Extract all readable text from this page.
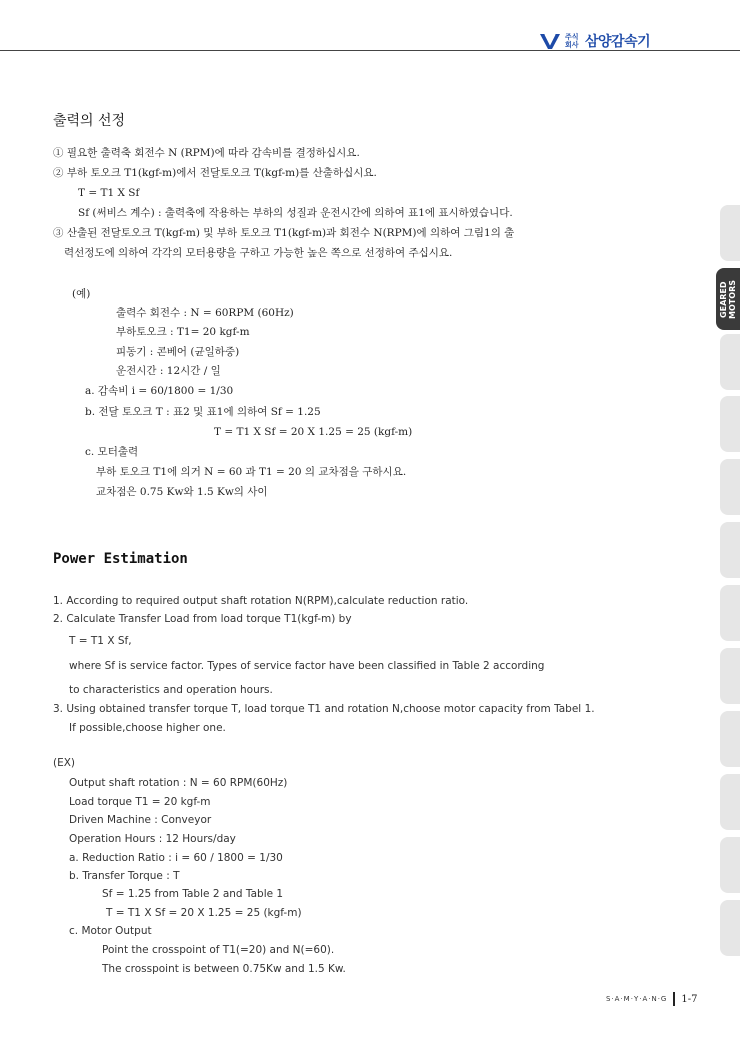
주식회사 삼양감속기
GEARED
MOTORS
출력의 선정
① 필요한 출력축 회전수 N (RPM)에 따라 감속비를 결정하십시요.
② 부하 토오크 T1(kgf-m)에서 전달토오크 T(kgf-m)를 산출하십시요.
T = T1 X Sf
Sf (써비스 계수) : 출력축에 작용하는 부하의 성질과 운전시간에 의하여 표1에 표시하였습니다.
③ 산출된 전달토오크 T(kgf-m) 및 부하 토오크 T1(kgf-m)과 회전수 N(RPM)에 의하여 그림1의 출
력선정도에 의하여 각각의 모터용량을 구하고 가능한 높은 쪽으로 선정하여 주십시요.
(예)
출력수 회전수 : N = 60RPM (60Hz)
부하토오크 : T1= 20 kgf-m
피동기 : 콘베어 (균일하중)
운전시간 : 12시간 / 일
a. 감속비 i = 60/1800 = 1/30
b. 전달 토오크 T : 표2 및 표1에 의하여 Sf = 1.25
T = T1 X Sf = 20 X 1.25 = 25 (kgf-m)
c. 모터출력
부하 토오크 T1에 의거 N = 60 과 T1 = 20 의 교차점을 구하시요.
교차점은 0.75 Kw와 1.5 Kw의 사이
Power Estimation
1. According to required output shaft rotation N(RPM),calculate reduction ratio.
2. Calculate Transfer Load from load torque T1(kgf-m) by
T = T1 X Sf,
where Sf is service factor. Types of service factor have been classified in Table 2 according
to characteristics and operation hours.
3. Using obtained transfer torque T, load torque T1 and rotation N,choose motor capacity from Tabel 1.
If possible,choose higher one.
(EX)
Output shaft rotation : N = 60 RPM(60Hz)
Load torque T1 = 20 kgf-m
Driven Machine : Conveyor
Operation Hours : 12 Hours/day
a. Reduction Ratio : i = 60 / 1800 = 1/30
b. Transfer Torque : T
Sf = 1.25 from Table 2 and Table 1
T = T1 X Sf = 20 X 1.25 = 25 (kgf-m)
c. Motor Output
Point the crosspoint of T1(=20) and N(=60).
The crosspoint is between 0.75Kw and 1.5 Kw.
S·A·M·Y·A·N·G	1-7
